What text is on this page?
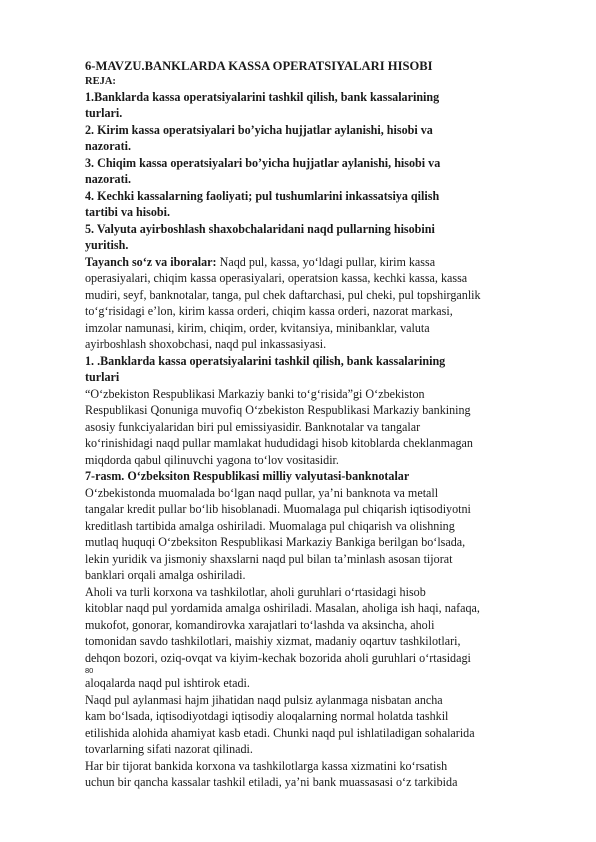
6-MAVZU.BANKLARDA KASSA OPERATSIYALARI HISOBI
REJA:
1.Banklarda kassa operatsiyalarini tashkil qilish, bank kassalarining
turlari.
2. Kirim kassa operatsiyalari bo’yicha hujjatlar aylanishi, hisobi va
nazorati.
3. Chiqim kassa operatsiyalari bo’yicha hujjatlar aylanishi, hisobi va
nazorati.
4. Kechki kassalarning faoliyati; pul tushumlarini inkassatsiya qilish
tartibi va hisobi.
5. Valyuta ayirboshlash shaxobchalaridani naqd pullarning hisobini
yuritish.
Tayanch so‘z va iboralar: Naqd pul, kassa, yo‘ldagi pullar, kirim kassa
operasiyalari, chiqim kassa operasiyalari, operatsion kassa, kechki kassa, kassa
mudiri, seyf, banknotalar, tanga, pul chek daftarchasi, pul cheki, pul topshirganlik
to‘g‘risidagi e’lon, kirim kassa orderi, chiqim kassa orderi, nazorat markasi,
imzolar namunasi, kirim, chiqim, order, kvitansiya, minibanklar, valuta
ayirboshlash shoxobchasi, naqd pul inkassasiyasi.
1. .Banklarda kassa operatsiyalarini tashkil qilish, bank kassalarining
turlari
“O‘zbekiston Respublikasi Markaziy banki to‘g‘risida”gi O‘zbekiston
Respublikasi Qonuniga muvofiq O‘zbekiston Respublikasi Markaziy bankining
asosiy funkciyalaridan biri pul emissiyasidir. Banknotalar va tangalar
ko‘rinishidagi naqd pullar mamlakat hududidagi hisob kitoblarda cheklanmagan
miqdorda qabul qilinuvchi yagona to‘lov vositasidir.
7-rasm. O‘zbeksiton Respublikasi milliy valyutasi-banknotalar
O‘zbekistonda muomalada bo‘lgan naqd pullar, ya’ni banknota va metall
tangalar kredit pullar bo‘lib hisoblanadi. Muomalaga pul chiqarish iqtisodiyotni
kreditlash tartibida amalga oshiriladi. Muomalaga pul chiqarish va olishning
mutlaq huquqi O‘zbeksiton Respublikasi Markaziy Bankiga berilgan bo‘lsada,
lekin yuridik va jismoniy shaxslarni naqd pul bilan ta’minlash asosan tijorat
banklari orqali amalga oshiriladi.
Aholi va turli korxona va tashkilotlar, aholi guruhlari o‘rtasidagi hisob
kitoblar naqd pul yordamida amalga oshiriladi. Masalan, aholiga ish haqi, nafaqa,
mukofot, gonorar, komandirovka xarajatlari to‘lashda va aksincha, aholi
tomonidan savdo tashkilotlari, maishiy xizmat, madaniy oqartuv tashkilotlari,
dehqon bozori, oziq-ovqat va kiyim-kechak bozorida aholi guruhlari o‘rtasidagi
80
aloqalarda naqd pul ishtirok etadi.
Naqd pul aylanmasi hajm jihatidan naqd pulsiz aylanmaga nisbatan ancha
kam bo‘lsada, iqtisodiyotdagi iqtisodiy aloqalarning normal holatda tashkil
etilishida alohida ahamiyat kasb etadi. Chunki naqd pul ishlatiladigan sohalarida
tovarlarning sifati nazorat qilinadi.
Har bir tijorat bankida korxona va tashkilotlarga kassa xizmatini ko‘rsatish
uchun bir qancha kassalar tashkil etiladi, ya’ni bank muassasasi o‘z tarkibida
